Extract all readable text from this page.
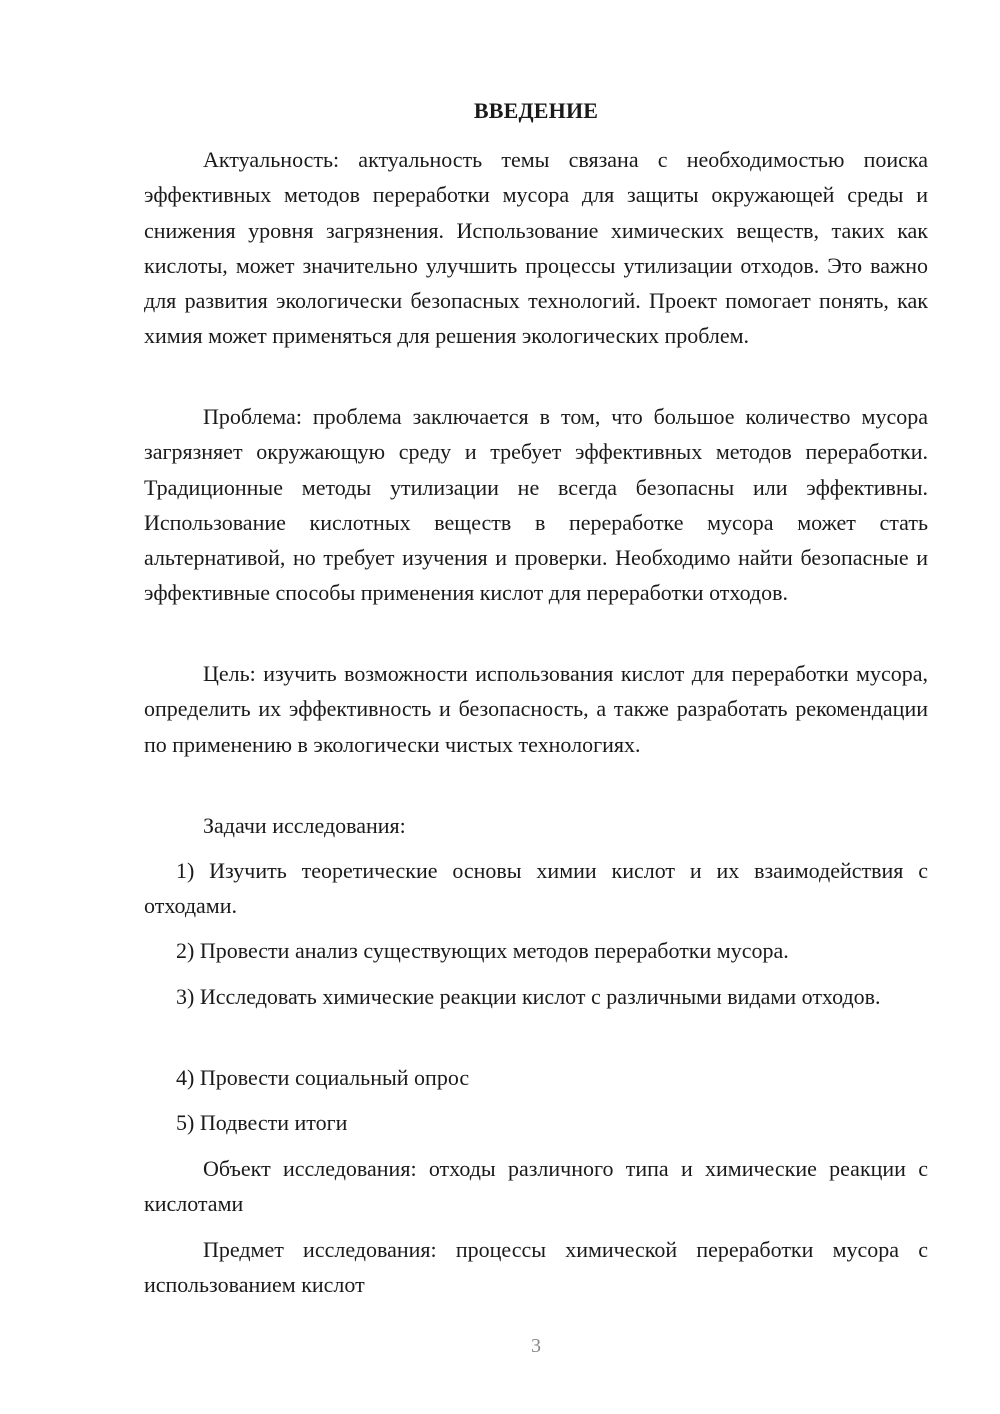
ВВЕДЕНИЕ

Актуальность: актуальность темы связана с необходимостью поиска эффективных методов переработки мусора для защиты окружающей среды и снижения уровня загрязнения. Использование химических веществ, таких как кислоты, может значительно улучшить процессы утилизации отходов. Это важно для развития экологически безопасных технологий. Проект помогает понять, как химия может применяться для решения экологических проблем.

Проблема: проблема заключается в том, что большое количество мусора загрязняет окружающую среду и требует эффективных методов переработки. Традиционные методы утилизации не всегда безопасны или эффективны. Использование кислотных веществ в переработке мусора может стать альтернативой, но требует изучения и проверки. Необходимо найти безопасные и эффективные способы применения кислот для переработки отходов.

Цель: изучить возможности использования кислот для переработки мусора, определить их эффективность и безопасность, а также разработать рекомендации по применению в экологически чистых технологиях.

Задачи исследования:

1) Изучить теоретические основы химии кислот и их взаимодействия с отходами.

2) Провести анализ существующих методов переработки мусора.

3) Исследовать химические реакции кислот с различными видами отходов.

4) Провести социальный опрос

5) Подвести итоги

Объект исследования: отходы различного типа и химические реакции с кислотами

Предмет исследования: процессы химической переработки мусора с использованием кислот

3
